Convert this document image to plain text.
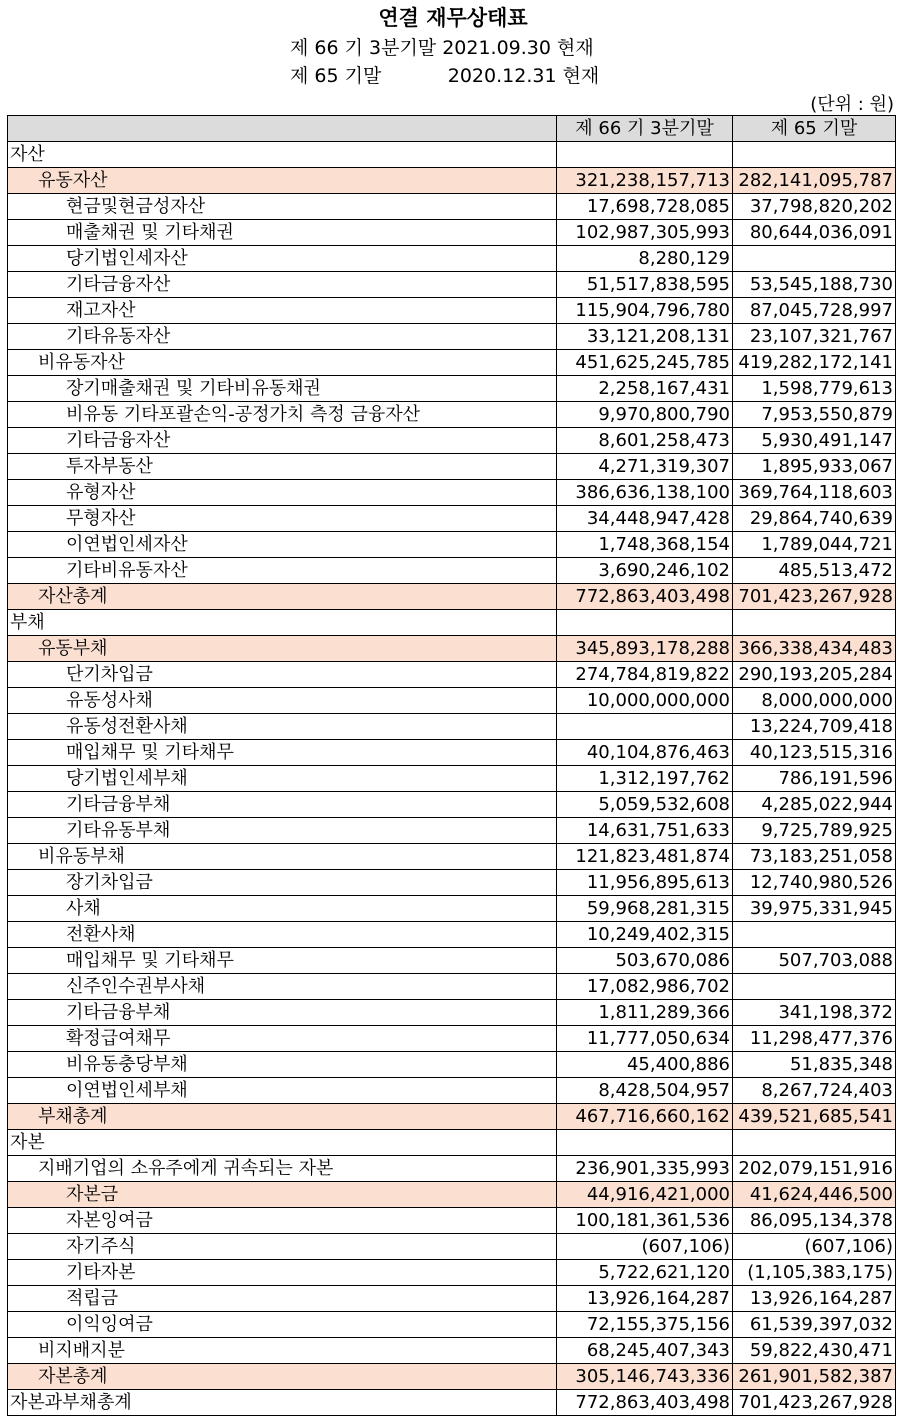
연결 재무상태표
제 66 기 3분기말 2021.09.30 현재
제 65 기말           2020.12.31 현재
(단위 : 원)
	제 66 기 3분기말	제 65 기말
자산		
유동자산	321,238,157,713	282,141,095,787
현금및현금성자산	17,698,728,085	37,798,820,202
매출채권 및 기타채권	102,987,305,993	80,644,036,091
당기법인세자산	8,280,129	
기타금융자산	51,517,838,595	53,545,188,730
재고자산	115,904,796,780	87,045,728,997
기타유동자산	33,121,208,131	23,107,321,767
비유동자산	451,625,245,785	419,282,172,141
장기매출채권 및 기타비유동채권	2,258,167,431	1,598,779,613
비유동 기타포괄손익-공정가치 측정 금융자산	9,970,800,790	7,953,550,879
기타금융자산	8,601,258,473	5,930,491,147
투자부동산	4,271,319,307	1,895,933,067
유형자산	386,636,138,100	369,764,118,603
무형자산	34,448,947,428	29,864,740,639
이연법인세자산	1,748,368,154	1,789,044,721
기타비유동자산	3,690,246,102	485,513,472
자산총계	772,863,403,498	701,423,267,928
부채		
유동부채	345,893,178,288	366,338,434,483
단기차입금	274,784,819,822	290,193,205,284
유동성사채	10,000,000,000	8,000,000,000
유동성전환사채		13,224,709,418
매입채무 및 기타채무	40,104,876,463	40,123,515,316
당기법인세부채	1,312,197,762	786,191,596
기타금융부채	5,059,532,608	4,285,022,944
기타유동부채	14,631,751,633	9,725,789,925
비유동부채	121,823,481,874	73,183,251,058
장기차입금	11,956,895,613	12,740,980,526
사채	59,968,281,315	39,975,331,945
전환사채	10,249,402,315	
매입채무 및 기타채무	503,670,086	507,703,088
신주인수권부사채	17,082,986,702	
기타금융부채	1,811,289,366	341,198,372
확정급여채무	11,777,050,634	11,298,477,376
비유동충당부채	45,400,886	51,835,348
이연법인세부채	8,428,504,957	8,267,724,403
부채총계	467,716,660,162	439,521,685,541
자본		
지배기업의 소유주에게 귀속되는 자본	236,901,335,993	202,079,151,916
자본금	44,916,421,000	41,624,446,500
자본잉여금	100,181,361,536	86,095,134,378
자기주식	(607,106)	(607,106)
기타자본	5,722,621,120	(1,105,383,175)
적립금	13,926,164,287	13,926,164,287
이익잉여금	72,155,375,156	61,539,397,032
비지배지분	68,245,407,343	59,822,430,471
자본총계	305,146,743,336	261,901,582,387
자본과부채총계	772,863,403,498	701,423,267,928
